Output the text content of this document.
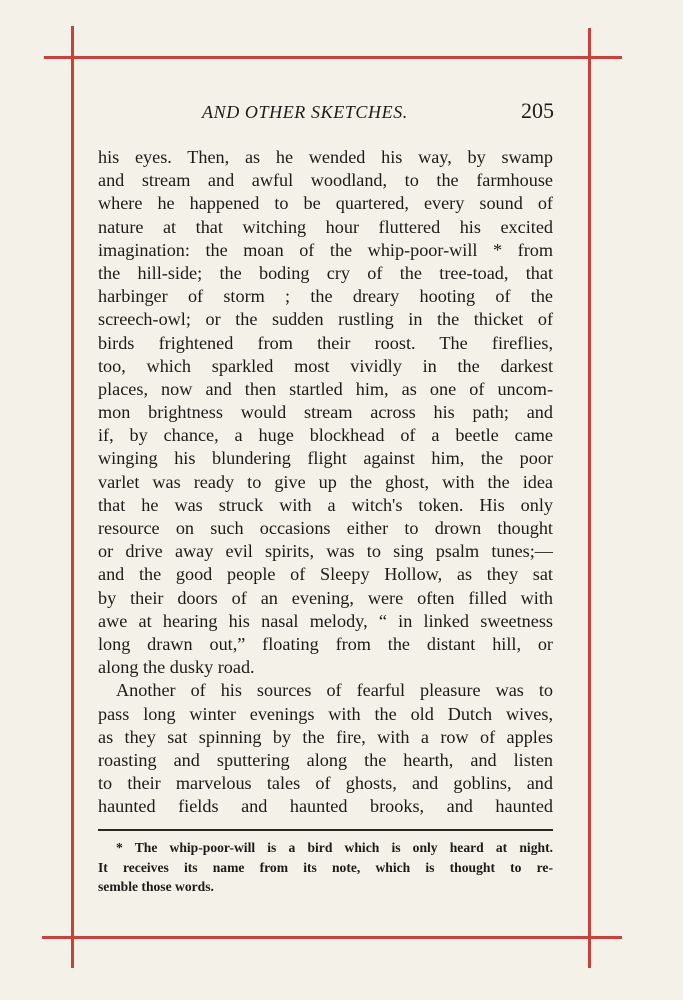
AND OTHER SKETCHES.	205
his eyes. Then, as he wended his way, by swamp
and stream and awful woodland, to the farmhouse
where he happened to be quartered, every sound of
nature at that witching hour fluttered his excited
imagination: the moan of the whip-poor-will * from
the hill-side; the boding cry of the tree-toad, that
harbinger of storm ; the dreary hooting of the
screech-owl; or the sudden rustling in the thicket of
birds frightened from their roost. The fireflies,
too, which sparkled most vividly in the darkest
places, now and then startled him, as one of uncom-
mon brightness would stream across his path; and
if, by chance, a huge blockhead of a beetle came
winging his blundering flight against him, the poor
varlet was ready to give up the ghost, with the idea
that he was struck with a witch's token. His only
resource on such occasions either to drown thought
or drive away evil spirits, was to sing psalm tunes;—
and the good people of Sleepy Hollow, as they sat
by their doors of an evening, were often filled with
awe at hearing his nasal melody, “ in linked sweetness
long drawn out,” floating from the distant hill, or
along the dusky road.
Another of his sources of fearful pleasure was to
pass long winter evenings with the old Dutch wives,
as they sat spinning by the fire, with a row of apples
roasting and sputtering along the hearth, and listen
to their marvelous tales of ghosts, and goblins, and
haunted fields and haunted brooks, and haunted
* The whip-poor-will is a bird which is only heard at night.
It receives its name from its note, which is thought to re-
semble those words.
